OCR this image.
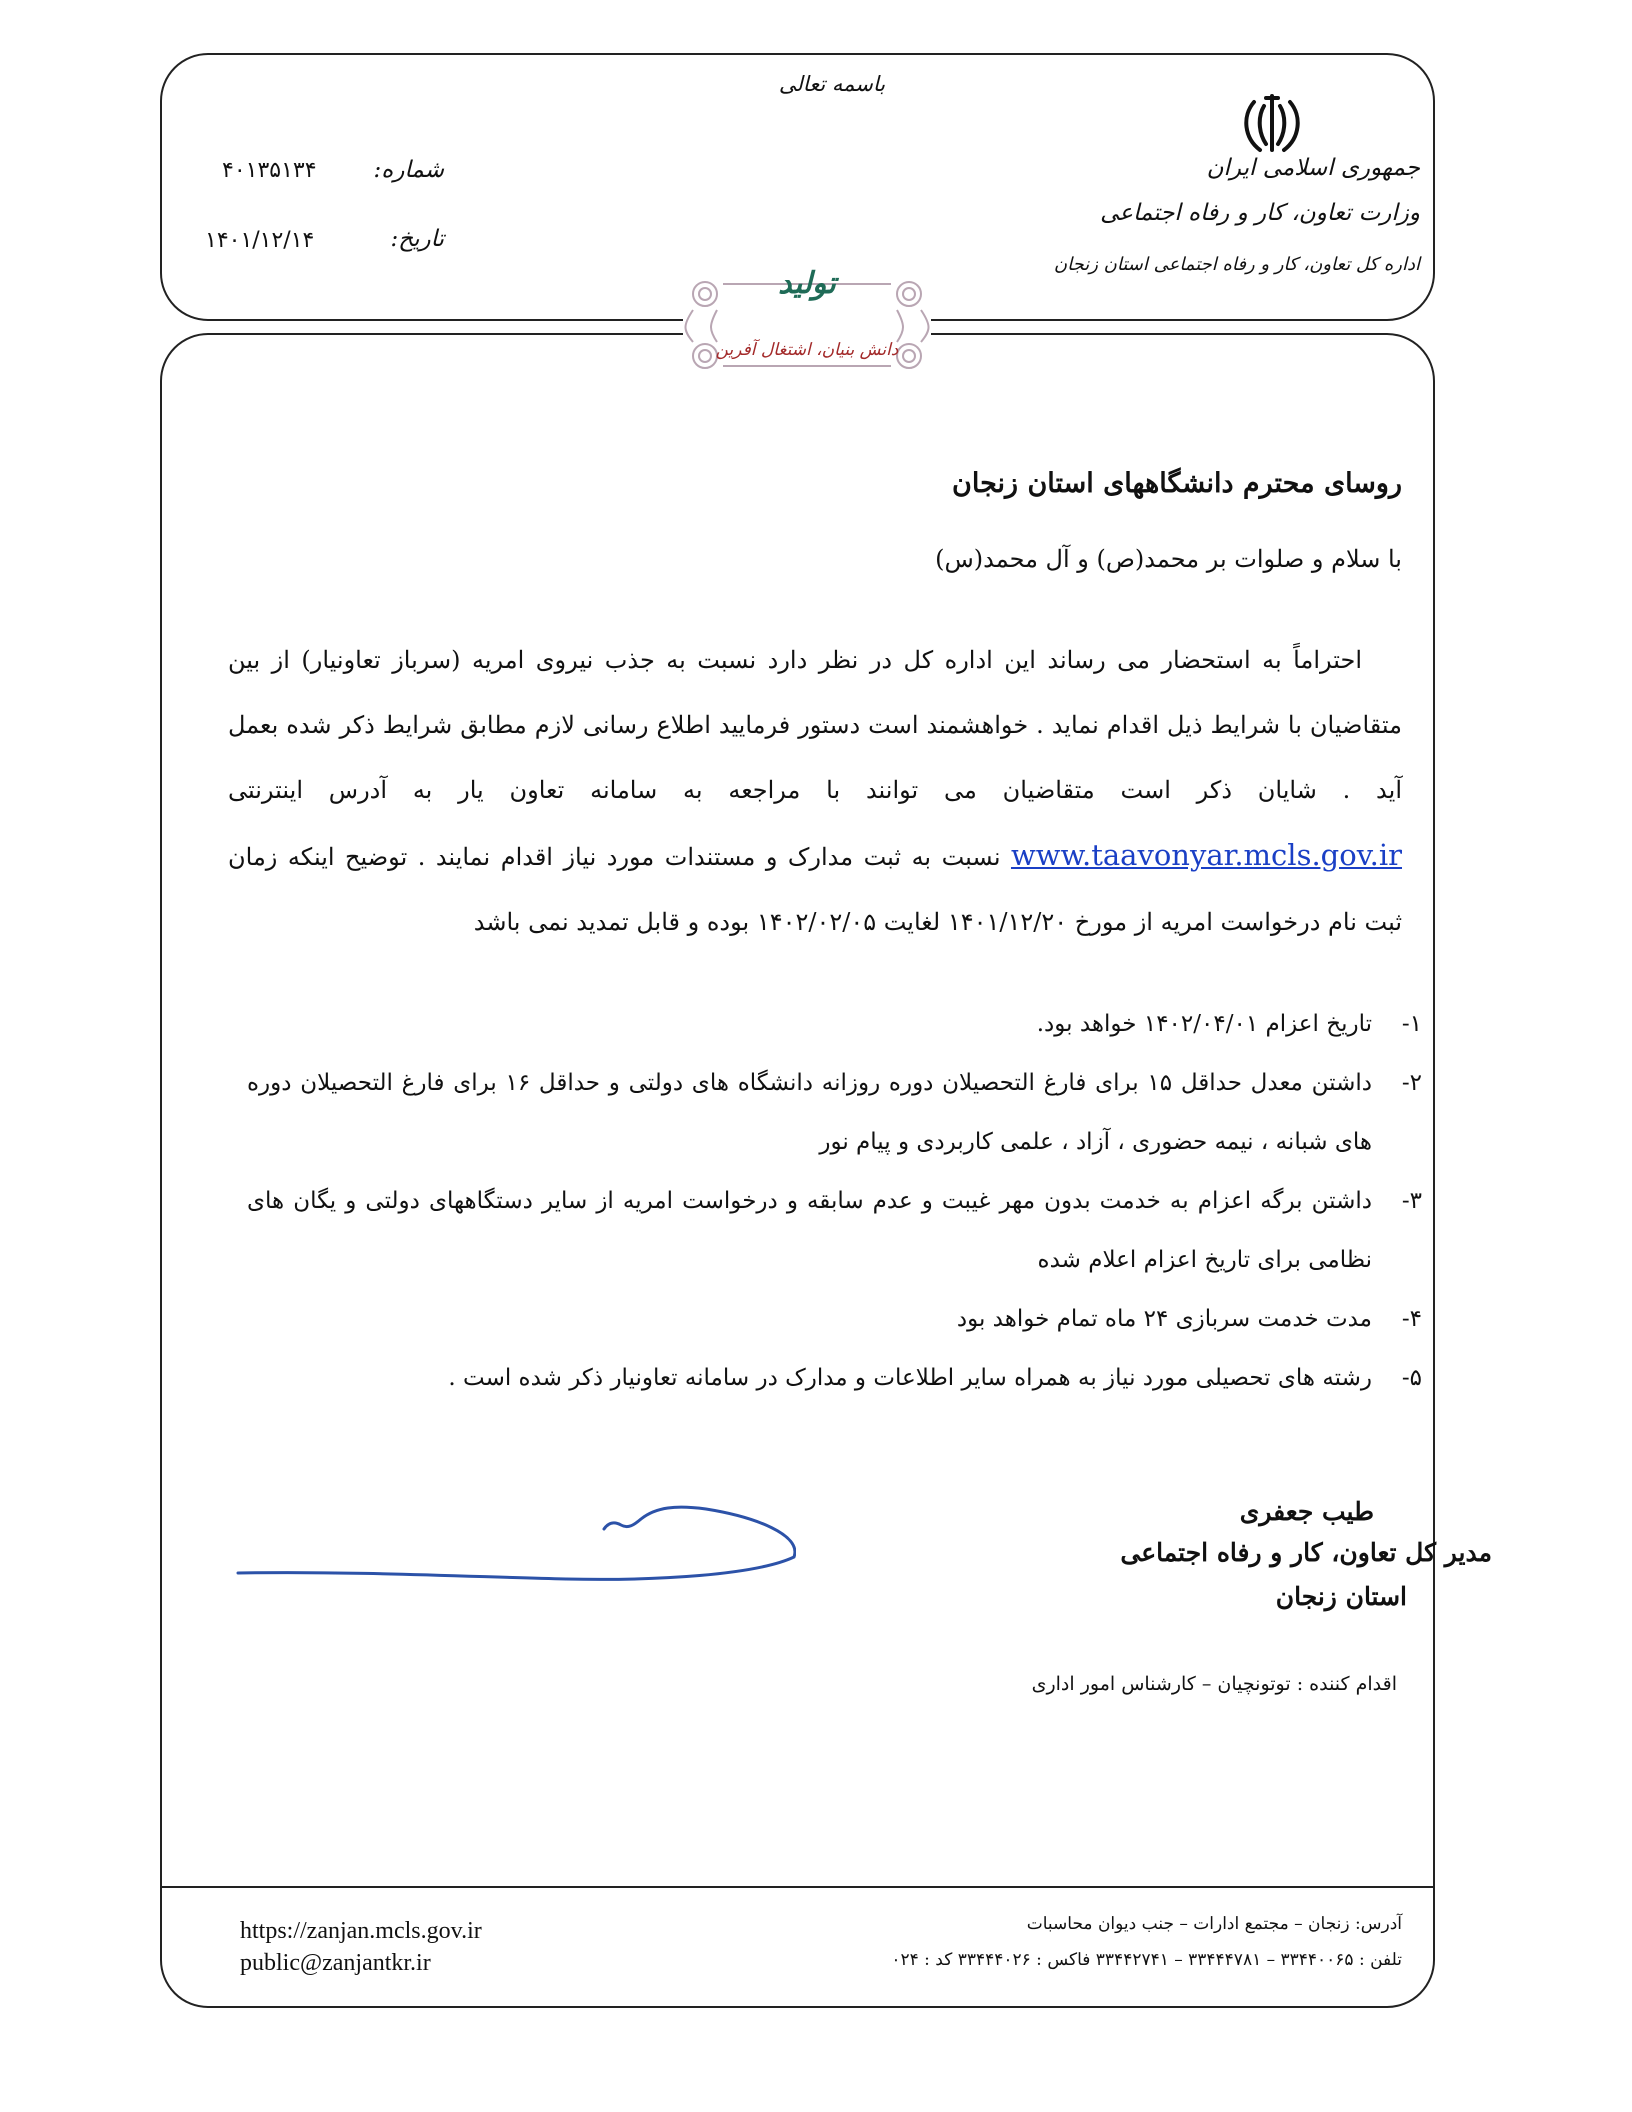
باسمه تعالی
جمهوری اسلامی ایران
وزارت تعاون، کار و رفاه اجتماعی
اداره کل تعاون، کار و رفاه اجتماعی استان زنجان
شماره:
۴۰۱۳۵۱۳۴
تاریخ:
۱۴۰۱/۱۲/۱۴
تولید
دانش بنیان، اشتغال آفرین
روسای محترم دانشگاههای استان زنجان
با سلام و صلوات بر محمد(ص) و آل محمد(س)
احتراماً به استحضار می رساند این اداره کل در نظر دارد نسبت به جذب نیروی امریه (سرباز تعاونیار) از بین متقاضیان با شرایط ذیل اقدام نماید . خواهشمند است دستور فرمایید اطلاع رسانی لازم مطابق شرایط ذکر شده بعمل آید . شایان ذکر است متقاضیان می توانند با مراجعه به سامانه تعاون یار به آدرس اینترنتی www.taavonyar.mcls.gov.ir نسبت به ثبت مدارک و مستندات مورد نیاز اقدام نمایند . توضیح اینکه زمان ثبت نام درخواست امریه از مورخ ۱۴۰۱/۱۲/۲۰ لغایت ۱۴۰۲/۰۲/۰۵ بوده و قابل تمدید نمی باشد
۱-
تاریخ اعزام ۱۴۰۲/۰۴/۰۱ خواهد بود.
۲-
داشتن معدل حداقل ۱۵ برای فارغ التحصیلان دوره روزانه دانشگاه های دولتی و حداقل ۱۶ برای فارغ التحصیلان دوره های شبانه ، نیمه حضوری ، آزاد ، علمی کاربردی و پیام نور
۳-
داشتن برگه اعزام به خدمت بدون مهر غیبت و عدم سابقه و درخواست امریه از سایر دستگاههای دولتی و یگان های نظامی برای تاریخ اعزام اعلام شده
۴-
مدت خدمت سربازی ۲۴ ماه تمام خواهد بود
۵-
رشته های تحصیلی مورد نیاز به همراه سایر اطلاعات و مدارک در سامانه تعاونیار ذکر شده است .
طیب جعفری
مدیر کل تعاون، کار و رفاه اجتماعی
استان زنجان
اقدام کننده : توتونچیان – کارشناس امور اداری
https://zanjan.mcls.gov.ir
public@zanjantkr.ir
آدرس: زنجان – مجتمع ادارات – جنب دیوان محاسبات
تلفن : ۳۳۴۴۰۰۶۵ – ۳۳۴۴۴۷۸۱ – ۳۳۴۴۲۷۴۱ فاکس : ۳۳۴۴۴۰۲۶ کد : ۰۲۴
